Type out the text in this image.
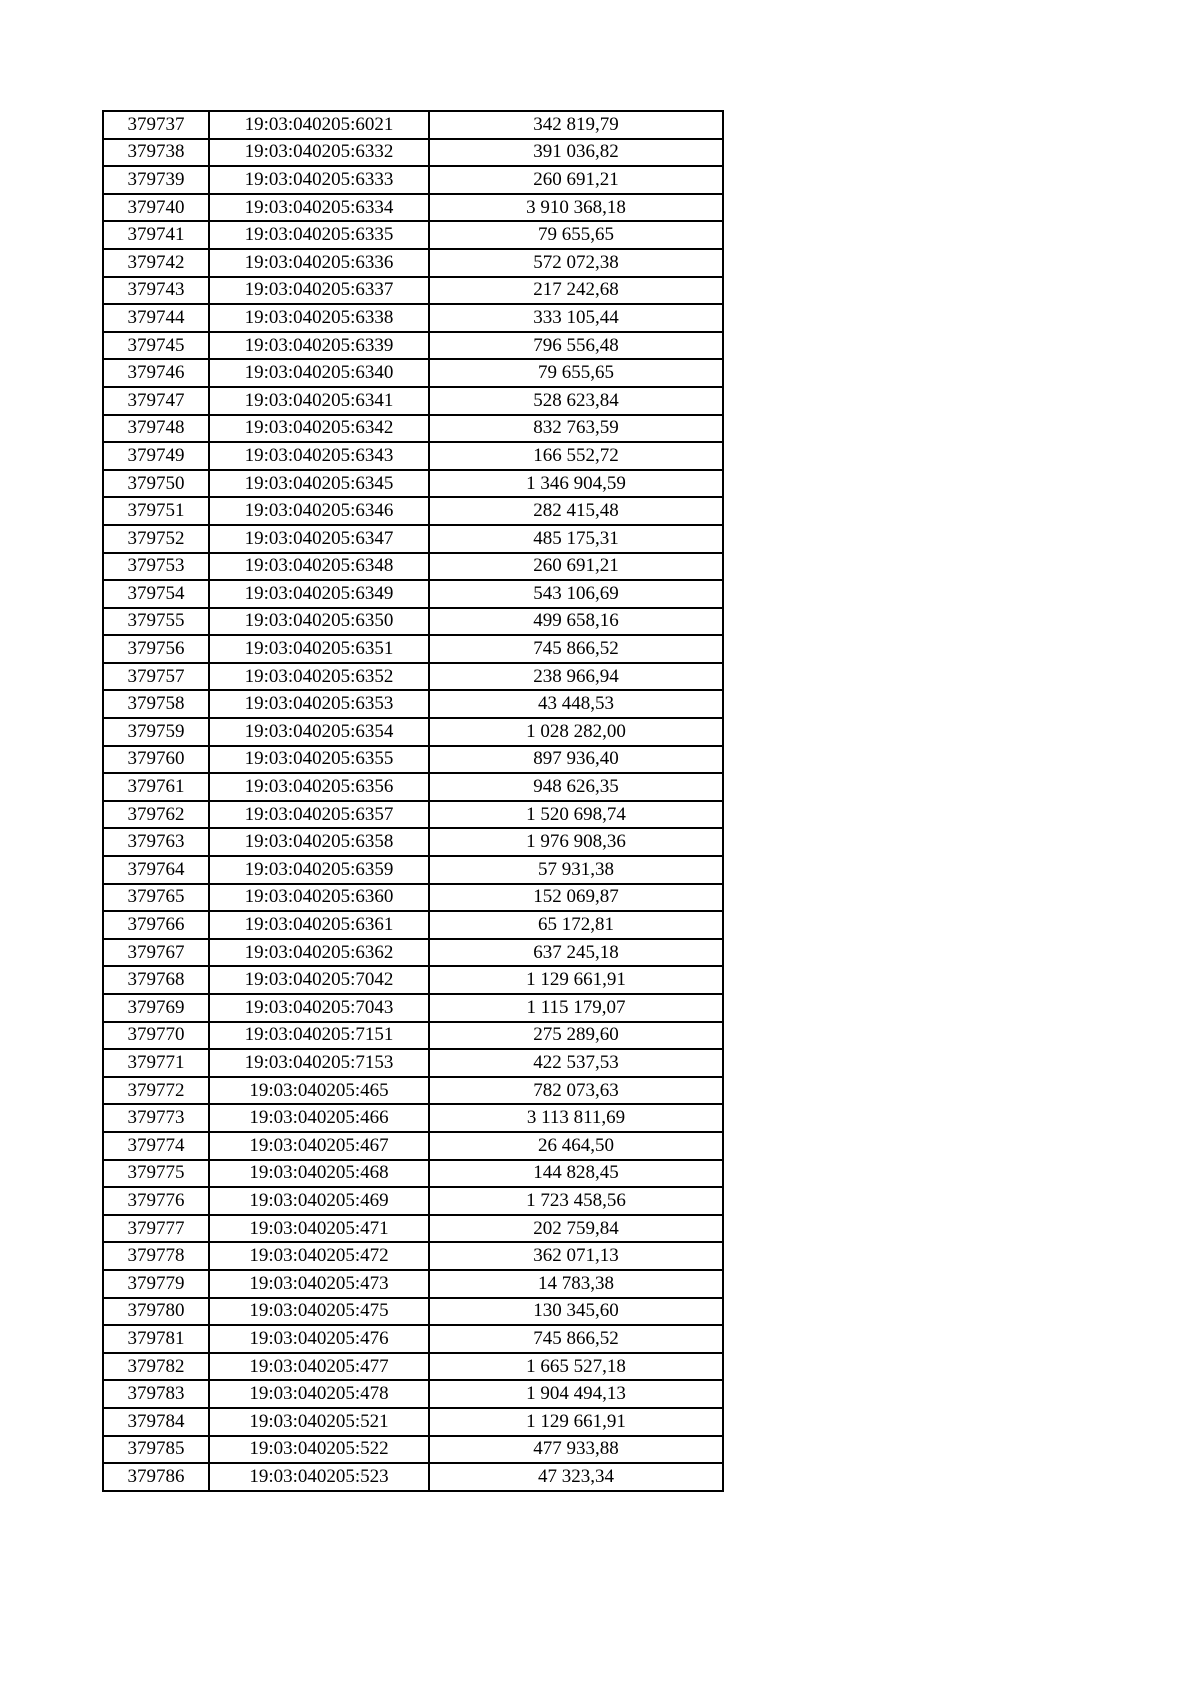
379737	19:03:040205:6021	342 819,79
379738	19:03:040205:6332	391 036,82
379739	19:03:040205:6333	260 691,21
379740	19:03:040205:6334	3 910 368,18
379741	19:03:040205:6335	79 655,65
379742	19:03:040205:6336	572 072,38
379743	19:03:040205:6337	217 242,68
379744	19:03:040205:6338	333 105,44
379745	19:03:040205:6339	796 556,48
379746	19:03:040205:6340	79 655,65
379747	19:03:040205:6341	528 623,84
379748	19:03:040205:6342	832 763,59
379749	19:03:040205:6343	166 552,72
379750	19:03:040205:6345	1 346 904,59
379751	19:03:040205:6346	282 415,48
379752	19:03:040205:6347	485 175,31
379753	19:03:040205:6348	260 691,21
379754	19:03:040205:6349	543 106,69
379755	19:03:040205:6350	499 658,16
379756	19:03:040205:6351	745 866,52
379757	19:03:040205:6352	238 966,94
379758	19:03:040205:6353	43 448,53
379759	19:03:040205:6354	1 028 282,00
379760	19:03:040205:6355	897 936,40
379761	19:03:040205:6356	948 626,35
379762	19:03:040205:6357	1 520 698,74
379763	19:03:040205:6358	1 976 908,36
379764	19:03:040205:6359	57 931,38
379765	19:03:040205:6360	152 069,87
379766	19:03:040205:6361	65 172,81
379767	19:03:040205:6362	637 245,18
379768	19:03:040205:7042	1 129 661,91
379769	19:03:040205:7043	1 115 179,07
379770	19:03:040205:7151	275 289,60
379771	19:03:040205:7153	422 537,53
379772	19:03:040205:465	782 073,63
379773	19:03:040205:466	3 113 811,69
379774	19:03:040205:467	26 464,50
379775	19:03:040205:468	144 828,45
379776	19:03:040205:469	1 723 458,56
379777	19:03:040205:471	202 759,84
379778	19:03:040205:472	362 071,13
379779	19:03:040205:473	14 783,38
379780	19:03:040205:475	130 345,60
379781	19:03:040205:476	745 866,52
379782	19:03:040205:477	1 665 527,18
379783	19:03:040205:478	1 904 494,13
379784	19:03:040205:521	1 129 661,91
379785	19:03:040205:522	477 933,88
379786	19:03:040205:523	47 323,34
